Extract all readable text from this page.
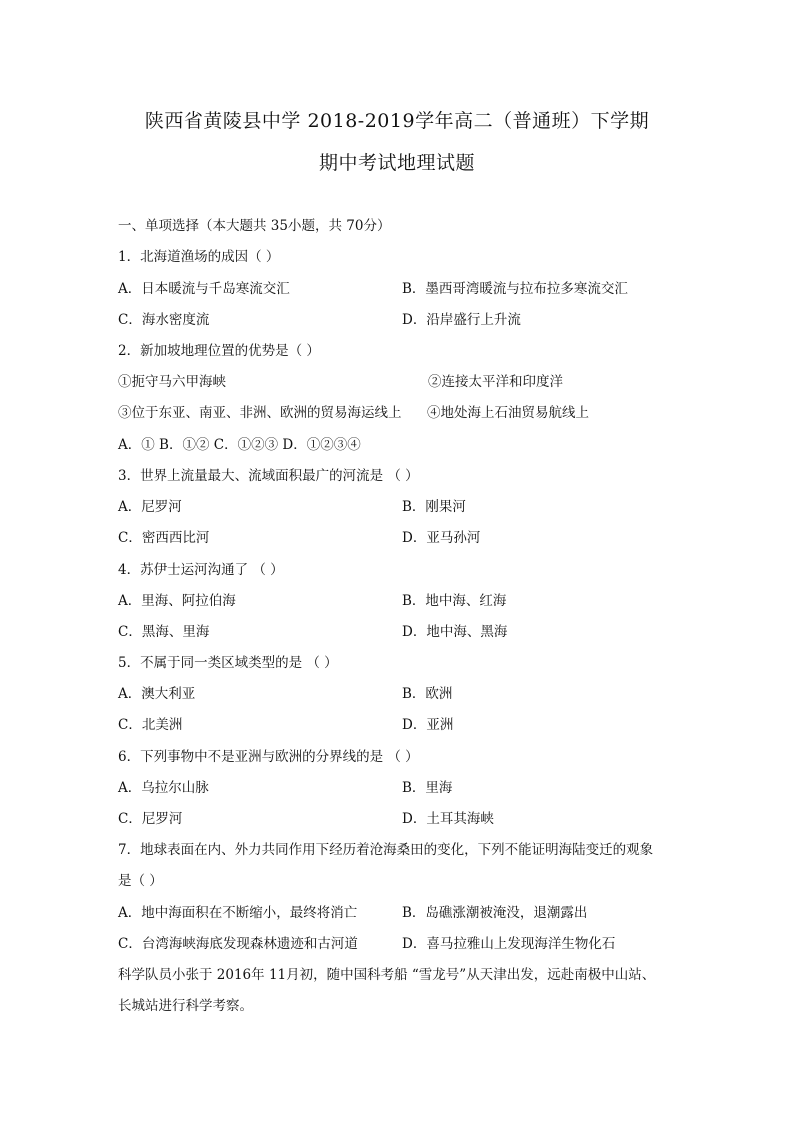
陕西省黄陵县中学 2018-2019学年高二（普通班）下学期
期中考试地理试题
一、单项选择（本大题共 35小题，共 70分）
1．北海道渔场的成因（ ）
A．日本暖流与千岛寒流交汇	B．墨西哥湾暖流与拉布拉多寒流交汇
C．海水密度流	D．沿岸盛行上升流
2．新加坡地理位置的优势是（ ）
①扼守马六甲海峡	②连接太平洋和印度洋
③位于东亚、南亚、非洲、欧洲的贸易海运线上 ④地处海上石油贸易航线上
A．① B．①② C．①②③ D．①②③④
3．世界上流量最大、流域面积最广的河流是 （ ）
A．尼罗河	B．刚果河
C．密西西比河	D．亚马孙河
4．苏伊士运河沟通了 （ ）
A．里海、阿拉伯海	B．地中海、红海
C．黑海、里海	D．地中海、黑海
5．不属于同一类区域类型的是 （ ）
A．澳大利亚	B．欧洲
C．北美洲	D．亚洲
6．下列事物中不是亚洲与欧洲的分界线的是 （ ）
A．乌拉尔山脉	B．里海
C．尼罗河	D．土耳其海峡
7．地球表面在内、外力共同作用下经历着沧海桑田的变化，下列不能证明海陆变迁的观象
是（ ）
A．地中海面积在不断缩小，最终将消亡	B．岛礁涨潮被淹没，退潮露出
C．台湾海峡海底发现森林遗迹和古河道	D．喜马拉雅山上发现海洋生物化石
科学队员小张于 2016年 11月初，随中国科考船 “雪龙号”从天津出发，远赴南极中山站、
长城站进行科学考察。
